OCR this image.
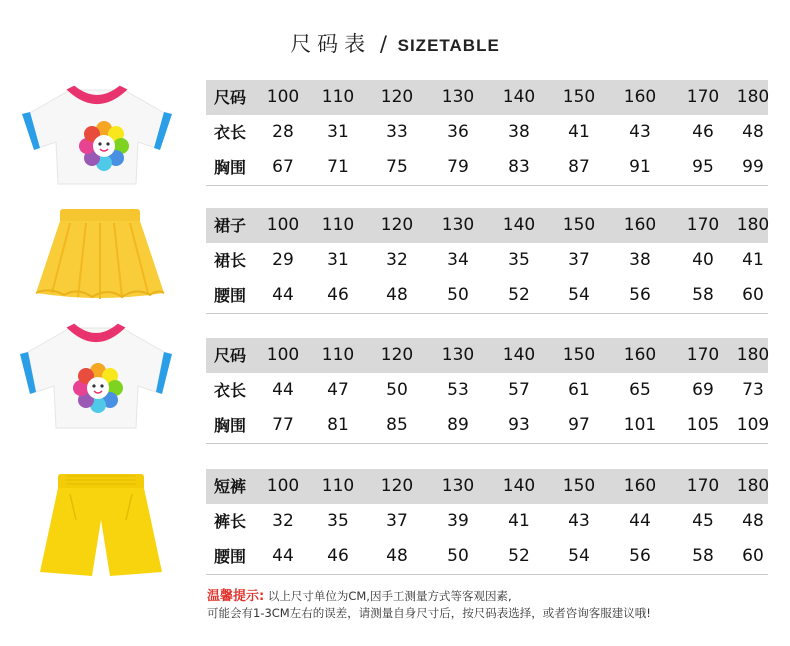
尺码表 / SIZETABLE
尺码	100	110	120	130	140	150	160	170	180
衣长	28	31	33	36	38	41	43	46	48
胸围	67	71	75	79	83	87	91	95	99
裙子	100	110	120	130	140	150	160	170	180
裙长	29	31	32	34	35	37	38	40	41
腰围	44	46	48	50	52	54	56	58	60
尺码	100	110	120	130	140	150	160	170	180
衣长	44	47	50	53	57	61	65	69	73
胸围	77	81	85	89	93	97	101	105	109
短裤	100	110	120	130	140	150	160	170	180
裤长	32	35	37	39	41	43	44	45	48
腰围	44	46	48	50	52	54	56	58	60
温馨提示: 以上尺寸单位为CM,因手工测量方式等客观因素,
可能会有1-3CM左右的误差，请测量自身尺寸后，按尺码表选择，或者咨询客服建议哦!
